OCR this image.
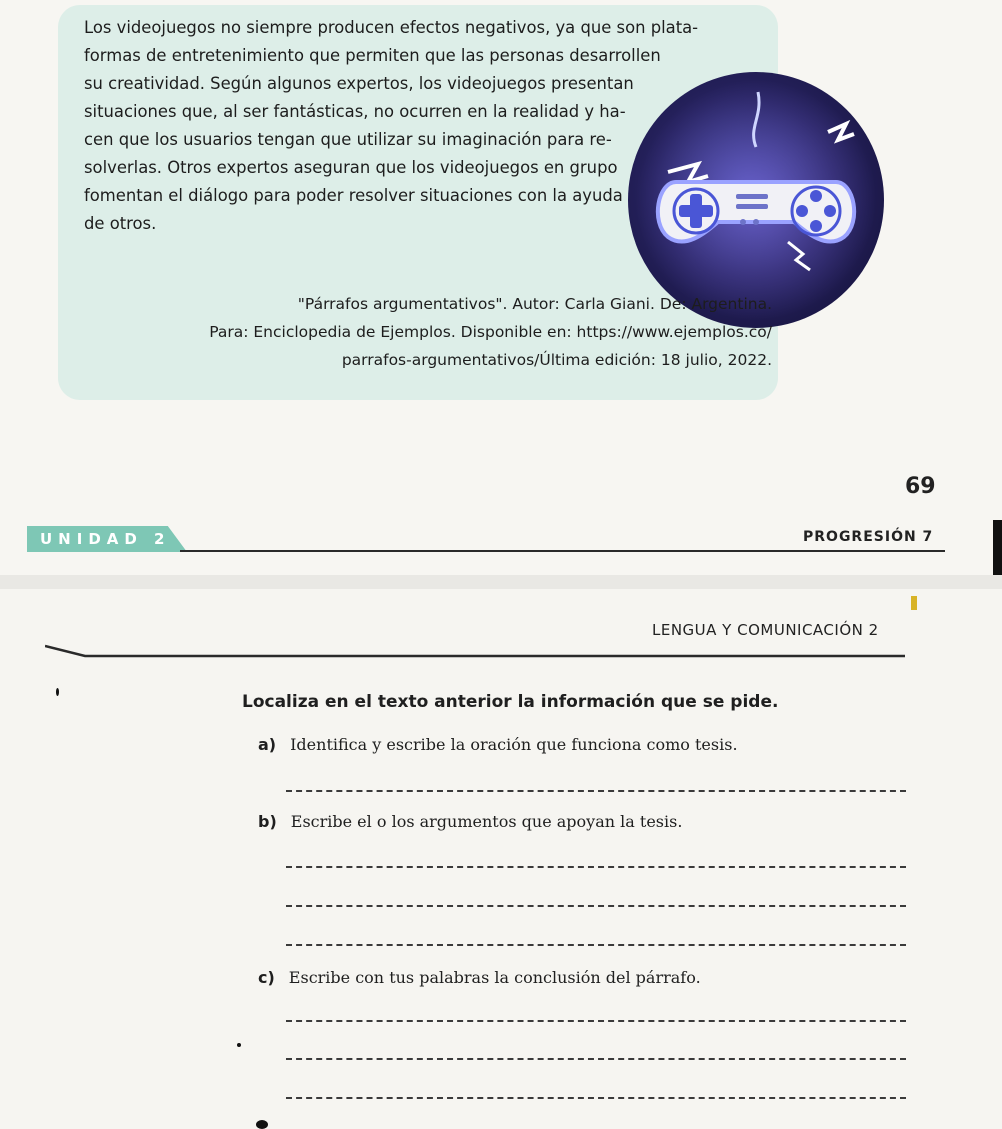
Los videojuegos no siempre producen efectos negativos, ya que son plata-
formas de entretenimiento que permiten que las personas desarrollen
su creatividad. Según algunos expertos, los videojuegos presentan
situaciones que, al ser fantásticas, no ocurren en la realidad y ha-
cen que los usuarios tengan que utilizar su imaginación para re-
solverlas. Otros expertos aseguran que los videojuegos en grupo
fomentan el diálogo para poder resolver situaciones con la ayuda
de otros.

"Párrafos argumentativos". Autor: Carla Giani. De: Argentina.
Para: Enciclopedia de Ejemplos. Disponible en: https://www.ejemplos.co/
parrafos-argumentativos/Última edición: 18 julio, 2022.
69
UNIDAD 2	PROGRESIÓN 7
LENGUA Y COMUNICACIÓN 2
Localiza en el texto anterior la información que se pide.
a) Identifica y escribe la oración que funciona como tesis.
b) Escribe el o los argumentos que apoyan la tesis.
c) Escribe con tus palabras la conclusión del párrafo.
